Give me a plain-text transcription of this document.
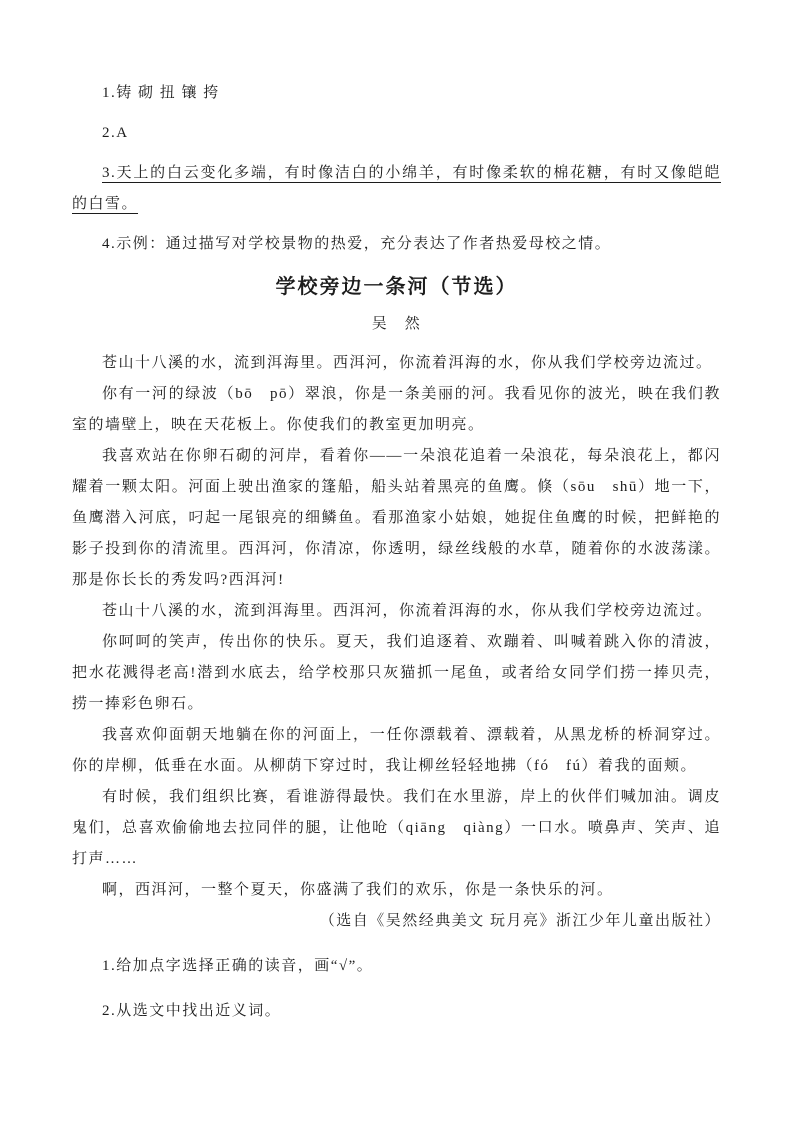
1.铸 砌 扭 镶 挎

2.A

3.天上的白云变化多端，有时像洁白的小绵羊，有时像柔软的棉花糖，有时又像皑皑的白雪。

4.示例：通过描写对学校景物的热爱，充分表达了作者热爱母校之情。

学校旁边一条河（节选）
吴　然

苍山十八溪的水，流到洱海里。西洱河，你流着洱海的水，你从我们学校旁边流过。

你有一河的绿波（bō　pō）翠浪，你是一条美丽的河。我看见你的波光，映在我们教室的墙壁上，映在天花板上。你使我们的教室更加明亮。

我喜欢站在你卵石砌的河岸，看着你——一朵浪花追着一朵浪花，每朵浪花上，都闪耀着一颗太阳。河面上驶出渔家的篷船，船头站着黑亮的鱼鹰。倏（sōu　shū）地一下，鱼鹰潜入河底，叼起一尾银亮的细鳞鱼。看那渔家小姑娘，她捉住鱼鹰的时候，把鲜艳的影子投到你的清流里。西洱河，你清凉，你透明，绿丝线般的水草，随着你的水波荡漾。那是你长长的秀发吗?西洱河!

苍山十八溪的水，流到洱海里。西洱河，你流着洱海的水，你从我们学校旁边流过。

你呵呵的笑声，传出你的快乐。夏天，我们追逐着、欢蹦着、叫喊着跳入你的清波，把水花溅得老高!潜到水底去，给学校那只灰猫抓一尾鱼，或者给女同学们捞一捧贝壳，捞一捧彩色卵石。

我喜欢仰面朝天地躺在你的河面上，一任你漂载着、漂载着，从黑龙桥的桥洞穿过。你的岸柳，低垂在水面。从柳荫下穿过时，我让柳丝轻轻地拂（fó　fú）着我的面颊。

有时候，我们组织比赛，看谁游得最快。我们在水里游，岸上的伙伴们喊加油。调皮鬼们，总喜欢偷偷地去拉同伴的腿，让他呛（qiāng　qiàng）一口水。喷鼻声、笑声、追打声……

啊，西洱河，一整个夏天，你盛满了我们的欢乐，你是一条快乐的河。

（选自《吴然经典美文 玩月亮》浙江少年儿童出版社）

1.给加点字选择正确的读音，画“√”。

2.从选文中找出近义词。
